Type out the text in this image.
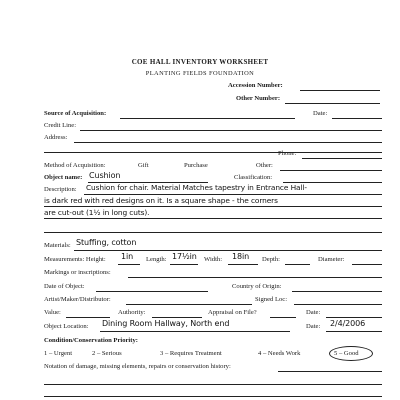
COE HALL INVENTORY WORKSHEET
PLANTING FIELDS FOUNDATION
Accession Number:
Other Number:
Source of Acquisition:	Date:
Credit Line:
Address:
Phone:
Method of Acquisition:	Gift	Purchase	Other:
Object name: Cushion	Classification:
Description: Cushion for chair. Material Matches tapestry in Entrance Hall-
is dark red with red designs on it. Is a square shape - the corners
are cut-out (1½ in long cuts).
Materials: Stuffing, cotton
Measurements: Height: 1in Length: 17½in Width: 18in Depth:	Diameter:
Markings or inscriptions:
Date of Object:	Country of Origin:
Artist/Maker/Distributor:	Signed Loc:
Value:	Authority:	Appraisal on File?	Date:
Object Location: Dining Room Hallway, North end	Date: 2/4/2006
Condition/Conservation Priority:
1 – Urgent	2 – Serious	3 – Requires Treatment	4 – Needs Work	5 – Good
Notation of damage, missing elements, repairs or conservation history:
